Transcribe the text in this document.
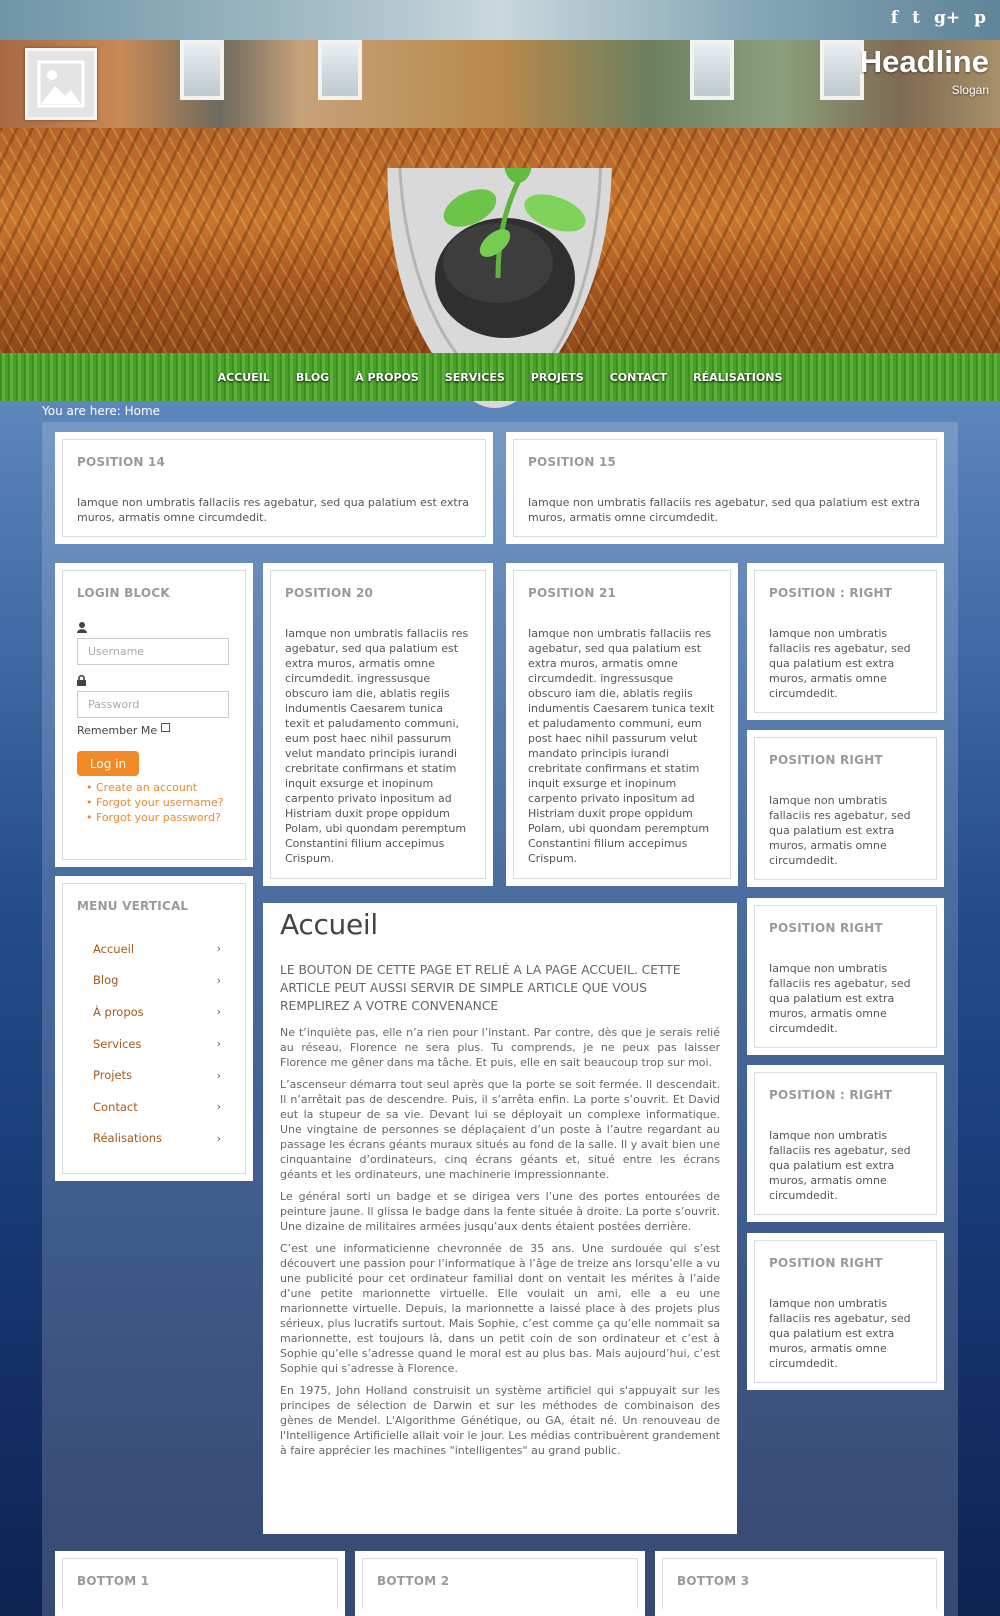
f t g+ p
Headline
Slogan
ACCUEIL BLOG À PROPOS SERVICES PROJETS CONTACT RÉALISATIONS
You are here: Home
POSITION 14
Iamque non umbratis fallaciis res agebatur, sed qua palatium est extra muros, armatis omne circumdedit.
POSITION 15
Iamque non umbratis fallaciis res agebatur, sed qua palatium est extra muros, armatis omne circumdedit.
LOGIN BLOCK
Username
Password
Remember Me
Log in
• Create an account
• Forgot your username?
• Forgot your password?
MENU VERTICAL
Accueil	›
Blog	›
À propos	›
Services	›
Projets	›
Contact	›
Réalisations	›
POSITION 20
Iamque non umbratis fallaciis res agebatur, sed qua palatium est extra muros, armatis omne circumdedit. ingressusque obscuro iam die, ablatis regiis indumentis Caesarem tunica texit et paludamento communi, eum post haec nihil passurum velut mandato principis iurandi crebritate confirmans et statim inquit exsurge et inopinum carpento privato inpositum ad Histriam duxit prope oppidum Polam, ubi quondam peremptum Constantini filium accepimus Crispum.
POSITION 21
Iamque non umbratis fallaciis res agebatur, sed qua palatium est extra muros, armatis omne circumdedit. ingressusque obscuro iam die, ablatis regiis indumentis Caesarem tunica texit et paludamento communi, eum post haec nihil passurum velut mandato principis iurandi crebritate confirmans et statim inquit exsurge et inopinum carpento privato inpositum ad Histriam duxit prope oppidum Polam, ubi quondam peremptum Constantini filium accepimus Crispum.
POSITION : RIGHT
Iamque non umbratis fallaciis res agebatur, sed qua palatium est extra muros, armatis omne circumdedit.
POSITION RIGHT
Iamque non umbratis fallaciis res agebatur, sed qua palatium est extra muros, armatis omne circumdedit.
POSITION RIGHT
Iamque non umbratis fallaciis res agebatur, sed qua palatium est extra muros, armatis omne circumdedit.
POSITION : RIGHT
Iamque non umbratis fallaciis res agebatur, sed qua palatium est extra muros, armatis omne circumdedit.
POSITION RIGHT
Iamque non umbratis fallaciis res agebatur, sed qua palatium est extra muros, armatis omne circumdedit.
Accueil
LE BOUTON DE CETTE PAGE ET RELIÉ A LA PAGE ACCUEIL. CETTE ARTICLE PEUT AUSSI SERVIR DE SIMPLE ARTICLE QUE VOUS REMPLIREZ A VOTRE CONVENANCE

Ne t’inquiète pas, elle n’a rien pour l’instant. Par contre, dès que je serais relié au réseau, Florence ne sera plus. Tu comprends, je ne peux pas laisser Florence me gêner dans ma tâche. Et puis, elle en sait beaucoup trop sur moi.

L’ascenseur démarra tout seul après que la porte se soit fermée. Il descendait. Il n’arrêtait pas de descendre. Puis, il s’arrêta enfin. La porte s’ouvrit. Et David eut la stupeur de sa vie. Devant lui se déployait un complexe informatique. Une vingtaine de personnes se déplaçaient d’un poste à l’autre regardant au passage les écrans géants muraux situés au fond de la salle. Il y avait bien une cinquantaine d’ordinateurs, cinq écrans géants et, situé entre les écrans géants et les ordinateurs, une machinerie impressionnante.

Le général sorti un badge et se dirigea vers l’une des portes entourées de peinture jaune. Il glissa le badge dans la fente située à droite. La porte s’ouvrit. Une dizaine de militaires armées jusqu’aux dents étaient postées derrière.

C’est une informaticienne chevronnée de 35 ans. Une surdouée qui s’est découvert une passion pour l’informatique à l’âge de treize ans lorsqu’elle a vu une publicité pour cet ordinateur familial dont on ventait les mérites à l’aide d’une petite marionnette virtuelle. Elle voulait un ami, elle a eu une marionnette virtuelle. Depuis, la marionnette a laissé place à des projets plus sérieux, plus lucratifs surtout. Mais Sophie, c’est comme ça qu’elle nommait sa marionnette, est toujours là, dans un petit coin de son ordinateur et c’est à Sophie qu’elle s’adresse quand le moral est au plus bas. Mais aujourd’hui, c’est Sophie qui s’adresse à Florence.

En 1975, John Holland construisit un système artificiel qui s'appuyait sur les principes de sélection de Darwin et sur les méthodes de combinaison des gènes de Mendel. L'Algorithme Génétique, ou GA, était né. Un renouveau de l'Intelligence Artificielle allait voir le jour. Les médias contribuèrent grandement à faire apprécier les machines "intelligentes" au grand public.

BOTTOM 1	BOTTOM 2	BOTTOM 3
